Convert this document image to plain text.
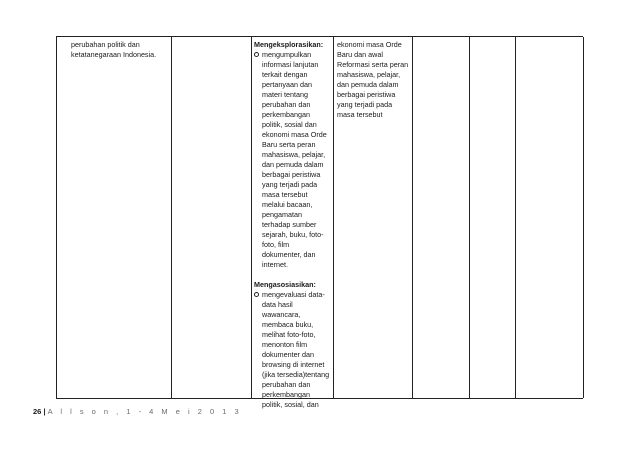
perubahan politik dan
ketatanegaraan Indonesia.
Mengeksplorasikan:
mengumpulkan
informasi lanjutan
terkait dengan
pertanyaan dan
materi tentang
perubahan dan
perkembangan
politik, sosial dan
ekonomi masa Orde
Baru serta peran
mahasiswa, pelajar,
dan pemuda dalam
berbagai peristiwa
yang terjadi pada
masa tersebut
melalui bacaan,
pengamatan
terhadap sumber
sejarah, buku, foto-
foto, film
dokumenter, dan
internet.
Mengasosiasikan:
mengevaluasi data-
data hasil
wawancara,
membaca buku,
melihat foto-foto,
menonton film
dokumenter dan
browsing di internet
(jika tersedia)tentang
perubahan dan
perkembangan
politik, sosial, dan
ekonomi masa Orde
Baru dan awal
Reformasi serta peran
mahasiswa, pelajar,
dan pemuda dalam
berbagai peristiwa
yang terjadi pada
masa tersebut
26 | A l l s o n , 1 - 4 M e i 2 0 1 3
